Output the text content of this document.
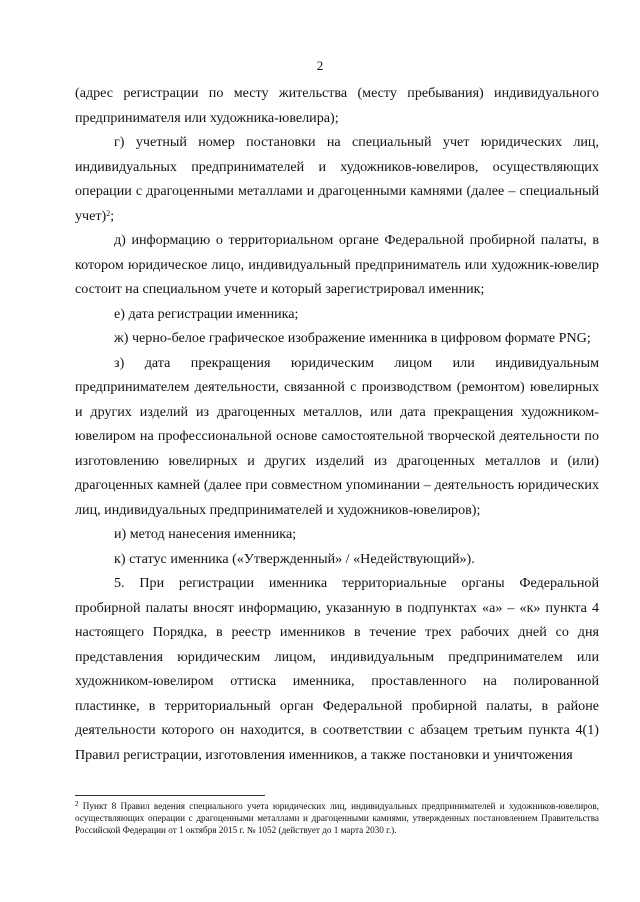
2

(адрес регистрации по месту жительства (месту пребывания) индивидуального предпринимателя или художника-ювелира);

г) учетный номер постановки на специальный учет юридических лиц, индивидуальных предпринимателей и художников-ювелиров, осуществляющих операции с драгоценными металлами и драгоценными камнями (далее – специальный учет)$^2$;

д) информацию о территориальном органе Федеральной пробирной палаты, в котором юридическое лицо, индивидуальный предприниматель или художник-ювелир состоит на специальном учете и который зарегистрировал именник;

е) дата регистрации именника;

ж) черно-белое графическое изображение именника в цифровом формате PNG;

з) дата прекращения юридическим лицом или индивидуальным предпринимателем деятельности, связанной с производством (ремонтом) ювелирных и других изделий из драгоценных металлов, или дата прекращения художником-ювелиром на профессиональной основе самостоятельной творческой деятельности по изготовлению ювелирных и других изделий из драгоценных металлов и (или) драгоценных камней (далее при совместном упоминании – деятельность юридических лиц, индивидуальных предпринимателей и художников-ювелиров);

и) метод нанесения именника;

к) статус именника («Утвержденный» / «Недействующий»).

5. При регистрации именника территориальные органы Федеральной пробирной палаты вносят информацию, указанную в подпунктах «а» – «к» пункта 4 настоящего Порядка, в реестр именников в течение трех рабочих дней со дня представления юридическим лицом, индивидуальным предпринимателем или художником-ювелиром оттиска именника, проставленного на полированной пластинке, в территориальный орган Федеральной пробирной палаты, в районе деятельности которого он находится, в соответствии с абзацем третьим пункта 4(1) Правил регистрации, изготовления именников, а также постановки и уничтожения

$^2$ Пункт 8 Правил ведения специального учета юридических лиц, индивидуальных предпринимателей и художников-ювелиров, осуществляющих операции с драгоценными металлами и драгоценными камнями, утвержденных постановлением Правительства Российской Федерации от 1 октября 2015 г. № 1052 (действует до 1 марта 2030 г.).
